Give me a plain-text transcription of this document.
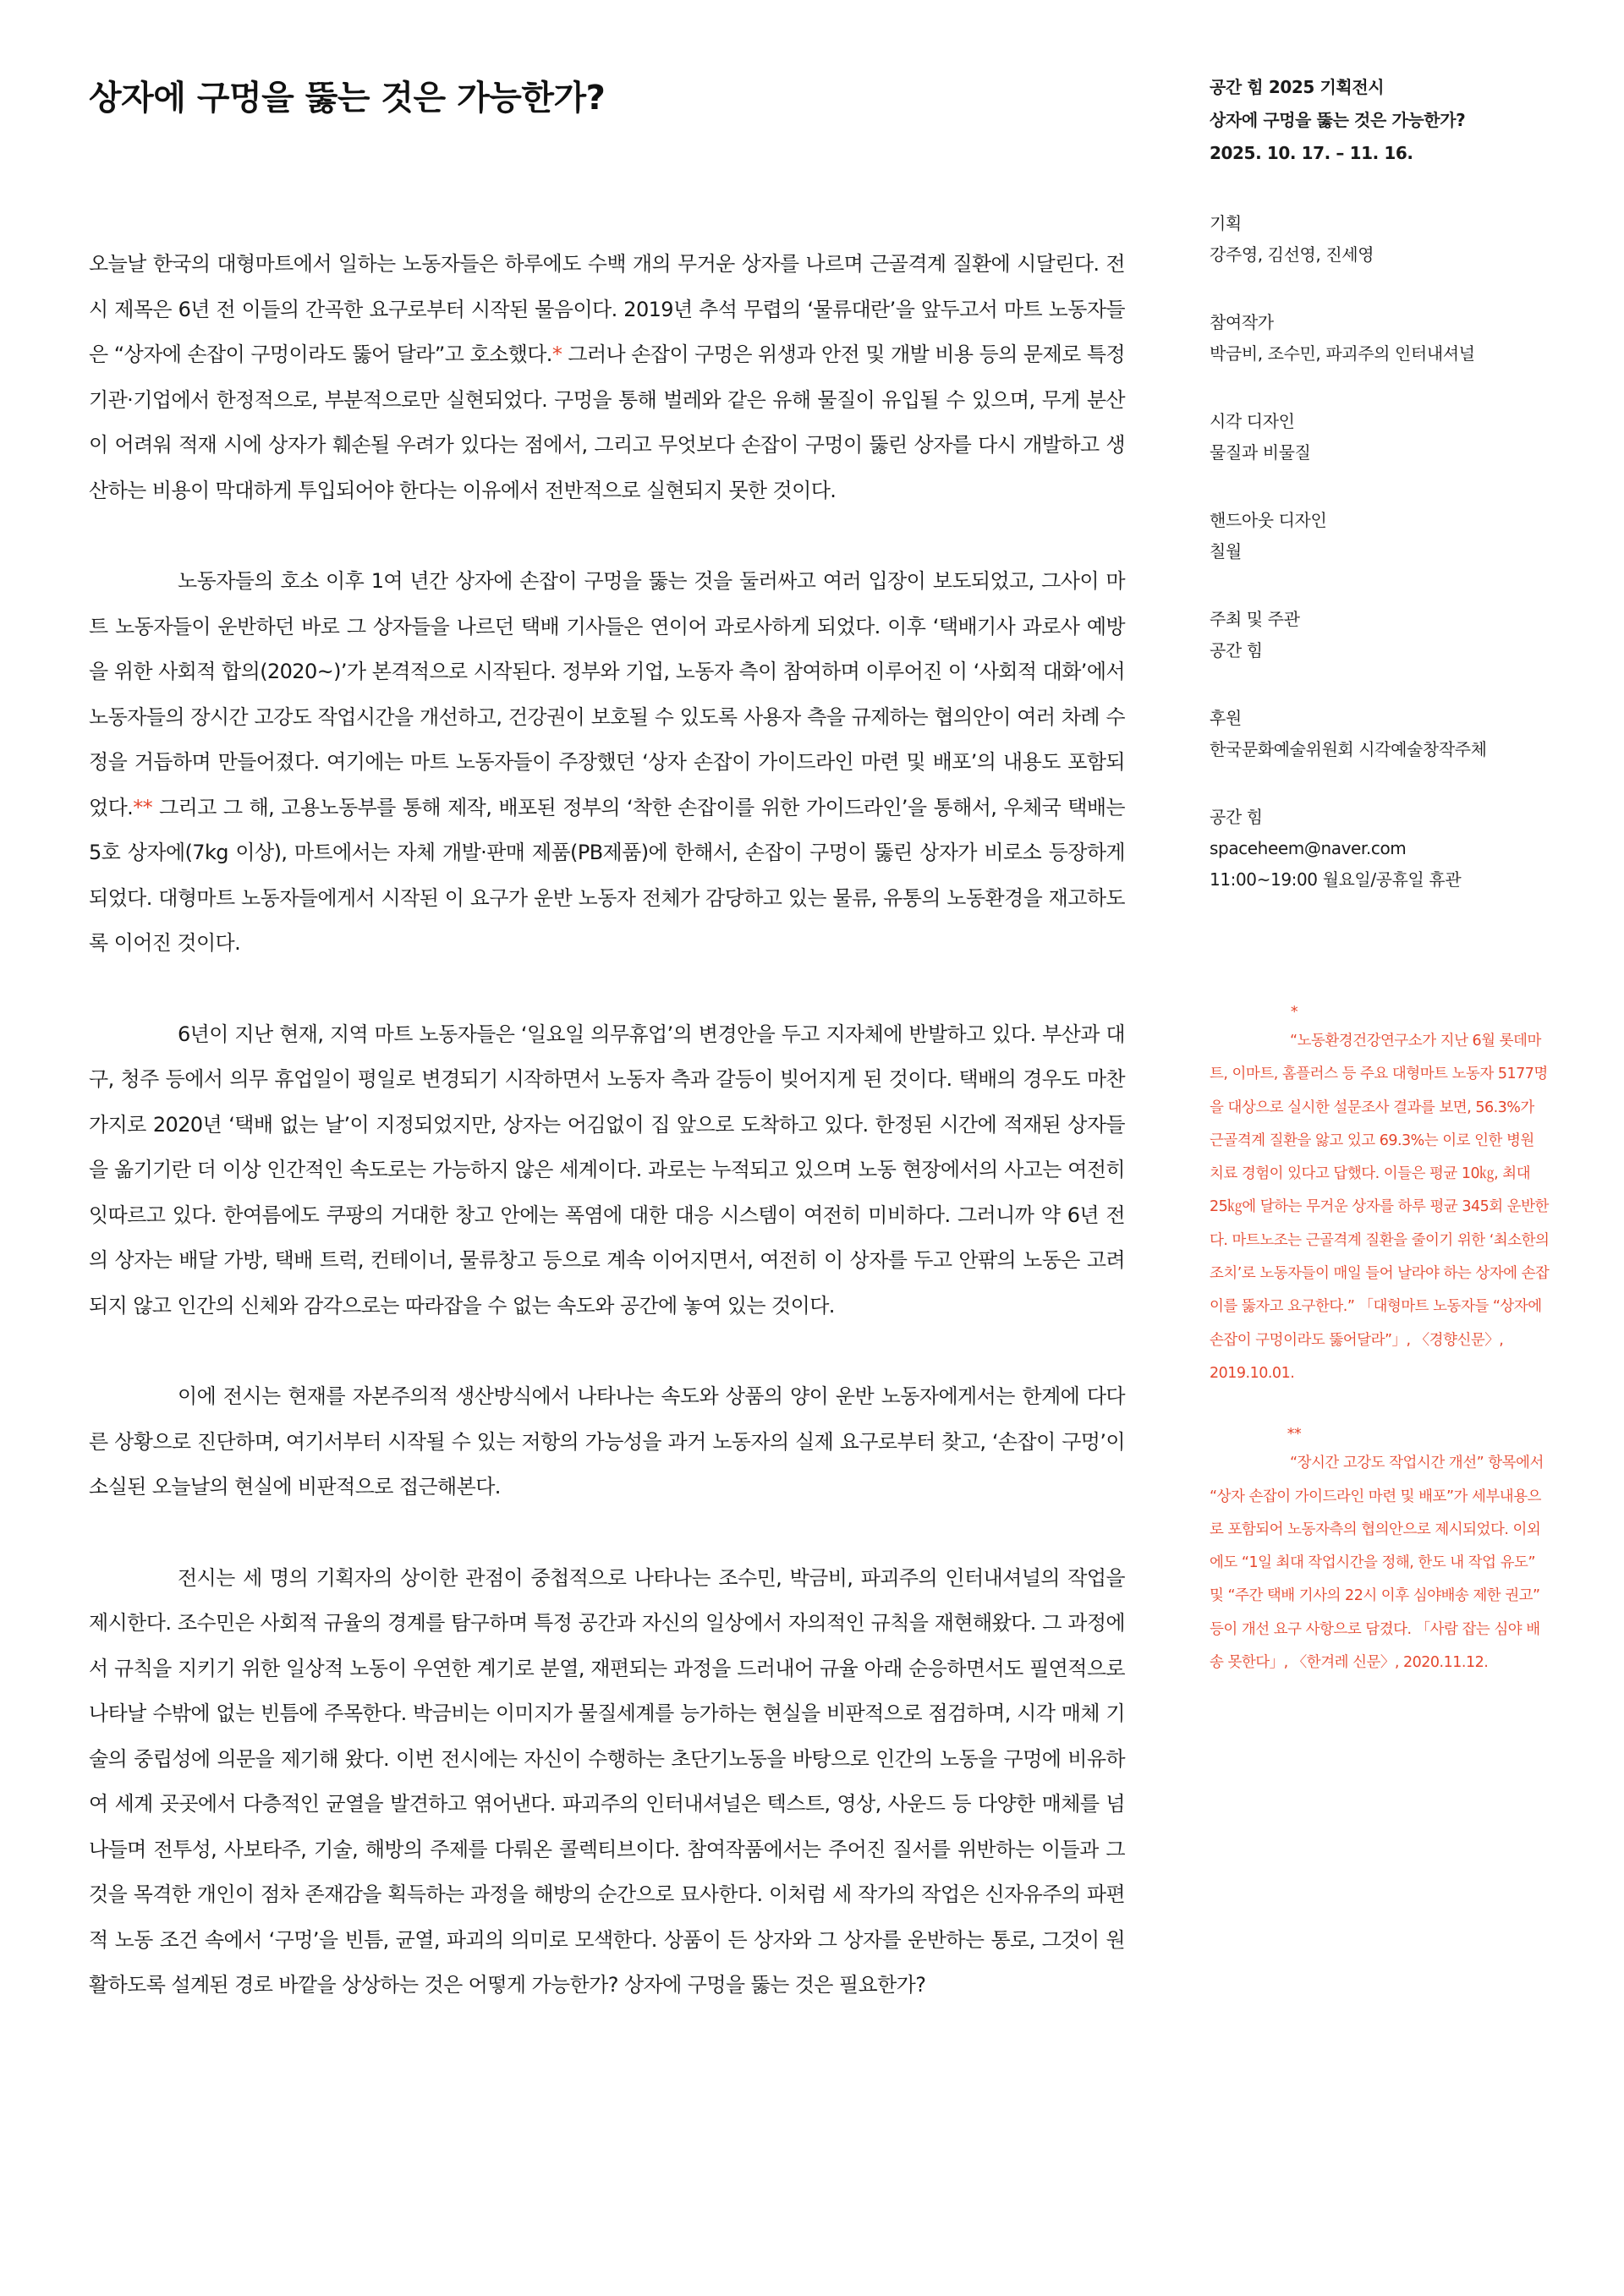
상자에 구멍을 뚫는 것은 가능한가?

오늘날 한국의 대형마트에서 일하는 노동자들은 하루에도 수백 개의 무거운 상자를 나르며 근골격계 질환에 시달린다. 전시 제목은 6년 전 이들의 간곡한 요구로부터 시작된 물음이다. 2019년 추석 무렵의 ‘물류대란’을 앞두고서 마트 노동자들은 “상자에 손잡이 구멍이라도 뚫어 달라”고 호소했다.* 그러나 손잡이 구멍은 위생과 안전 및 개발 비용 등의 문제로 특정 기관·기업에서 한정적으로, 부분적으로만 실현되었다. 구멍을 통해 벌레와 같은 유해 물질이 유입될 수 있으며, 무게 분산이 어려워 적재 시에 상자가 훼손될 우려가 있다는 점에서, 그리고 무엇보다 손잡이 구멍이 뚫린 상자를 다시 개발하고 생산하는 비용이 막대하게 투입되어야 한다는 이유에서 전반적으로 실현되지 못한 것이다.

노동자들의 호소 이후 1여 년간 상자에 손잡이 구멍을 뚫는 것을 둘러싸고 여러 입장이 보도되었고, 그사이 마트 노동자들이 운반하던 바로 그 상자들을 나르던 택배 기사들은 연이어 과로사하게 되었다. 이후 ‘택배기사 과로사 예방을 위한 사회적 합의(2020~)’가 본격적으로 시작된다. 정부와 기업, 노동자 측이 참여하며 이루어진 이 ‘사회적 대화’에서 노동자들의 장시간 고강도 작업시간을 개선하고, 건강권이 보호될 수 있도록 사용자 측을 규제하는 협의안이 여러 차례 수정을 거듭하며 만들어졌다. 여기에는 마트 노동자들이 주장했던 ‘상자 손잡이 가이드라인 마련 및 배포’의 내용도 포함되었다.** 그리고 그 해, 고용노동부를 통해 제작, 배포된 정부의 ‘착한 손잡이를 위한 가이드라인’을 통해서, 우체국 택배는 5호 상자에(7kg 이상), 마트에서는 자체 개발·판매 제품(PB제품)에 한해서, 손잡이 구멍이 뚫린 상자가 비로소 등장하게 되었다. 대형마트 노동자들에게서 시작된 이 요구가 운반 노동자 전체가 감당하고 있는 물류, 유통의 노동환경을 재고하도록 이어진 것이다.

6년이 지난 현재, 지역 마트 노동자들은 ‘일요일 의무휴업’의 변경안을 두고 지자체에 반발하고 있다. 부산과 대구, 청주 등에서 의무 휴업일이 평일로 변경되기 시작하면서 노동자 측과 갈등이 빚어지게 된 것이다. 택배의 경우도 마찬가지로 2020년 ‘택배 없는 날’이 지정되었지만, 상자는 어김없이 집 앞으로 도착하고 있다. 한정된 시간에 적재된 상자들을 옮기기란 더 이상 인간적인 속도로는 가능하지 않은 세계이다. 과로는 누적되고 있으며 노동 현장에서의 사고는 여전히 잇따르고 있다. 한여름에도 쿠팡의 거대한 창고 안에는 폭염에 대한 대응 시스템이 여전히 미비하다. 그러니까 약 6년 전의 상자는 배달 가방, 택배 트럭, 컨테이너, 물류창고 등으로 계속 이어지면서, 여전히 이 상자를 두고 안팎의 노동은 고려되지 않고 인간의 신체와 감각으로는 따라잡을 수 없는 속도와 공간에 놓여 있는 것이다.

이에 전시는 현재를 자본주의적 생산방식에서 나타나는 속도와 상품의 양이 운반 노동자에게서는 한계에 다다른 상황으로 진단하며, 여기서부터 시작될 수 있는 저항의 가능성을 과거 노동자의 실제 요구로부터 찾고, ‘손잡이 구멍’이 소실된 오늘날의 현실에 비판적으로 접근해본다.

전시는 세 명의 기획자의 상이한 관점이 중첩적으로 나타나는 조수민, 박금비, 파괴주의 인터내셔널의 작업을 제시한다. 조수민은 사회적 규율의 경계를 탐구하며 특정 공간과 자신의 일상에서 자의적인 규칙을 재현해왔다. 그 과정에서 규칙을 지키기 위한 일상적 노동이 우연한 계기로 분열, 재편되는 과정을 드러내어 규율 아래 순응하면서도 필연적으로 나타날 수밖에 없는 빈틈에 주목한다. 박금비는 이미지가 물질세계를 능가하는 현실을 비판적으로 점검하며, 시각 매체 기술의 중립성에 의문을 제기해 왔다. 이번 전시에는 자신이 수행하는 초단기노동을 바탕으로 인간의 노동을 구멍에 비유하여 세계 곳곳에서 다층적인 균열을 발견하고 엮어낸다. 파괴주의 인터내셔널은 텍스트, 영상, 사운드 등 다양한 매체를 넘나들며 전투성, 사보타주, 기술, 해방의 주제를 다뤄온 콜렉티브이다. 참여작품에서는 주어진 질서를 위반하는 이들과 그것을 목격한 개인이 점차 존재감을 획득하는 과정을 해방의 순간으로 묘사한다. 이처럼 세 작가의 작업은 신자유주의 파편적 노동 조건 속에서 ‘구멍’을 빈틈, 균열, 파괴의 의미로 모색한다. 상품이 든 상자와 그 상자를 운반하는 통로, 그것이 원활하도록 설계된 경로 바깥을 상상하는 것은 어떻게 가능한가? 상자에 구멍을 뚫는 것은 필요한가?

공간 힘 2025 기획전시
상자에 구멍을 뚫는 것은 가능한가?
2025. 10. 17. – 11. 16.
기획
강주영, 김선영, 진세영
참여작가
박금비, 조수민, 파괴주의 인터내셔널
시각 디자인
물질과 비물질
핸드아웃 디자인
칠월
주최 및 주관
공간 힘
후원
한국문화예술위원회 시각예술창작주체
공간 힘
spaceheem@naver.com
11:00~19:00 월요일/공휴일 휴관
*
“노동환경건강연구소가 지난 6월 롯데마트, 이마트, 홈플러스 등 주요 대형마트 노동자 5177명을 대상으로 실시한 설문조사 결과를 보면, 56.3%가 근골격계 질환을 앓고 있고 69.3%는 이로 인한 병원 치료 경험이 있다고 답했다. 이들은 평균 10㎏, 최대 25㎏에 달하는 무거운 상자를 하루 평균 345회 운반한다. 마트노조는 근골격계 질환을 줄이기 위한 ‘최소한의 조치’로 노동자들이 매일 들어 날라야 하는 상자에 손잡이를 뚫자고 요구한다.” 「대형마트 노동자들 “상자에 손잡이 구멍이라도 뚫어달라”」, 〈경향신문〉, 2019.10.01.
**
“장시간 고강도 작업시간 개선” 항목에서 “상자 손잡이 가이드라인 마련 및 배포”가 세부내용으로 포함되어 노동자측의 협의안으로 제시되었다. 이외에도 “1일 최대 작업시간을 정해, 한도 내 작업 유도” 및 “주간 택배 기사의 22시 이후 심야배송 제한 권고” 등이 개선 요구 사항으로 담겼다. 「사람 잡는 심야 배송 못한다」, 〈한겨레 신문〉, 2020.11.12.
